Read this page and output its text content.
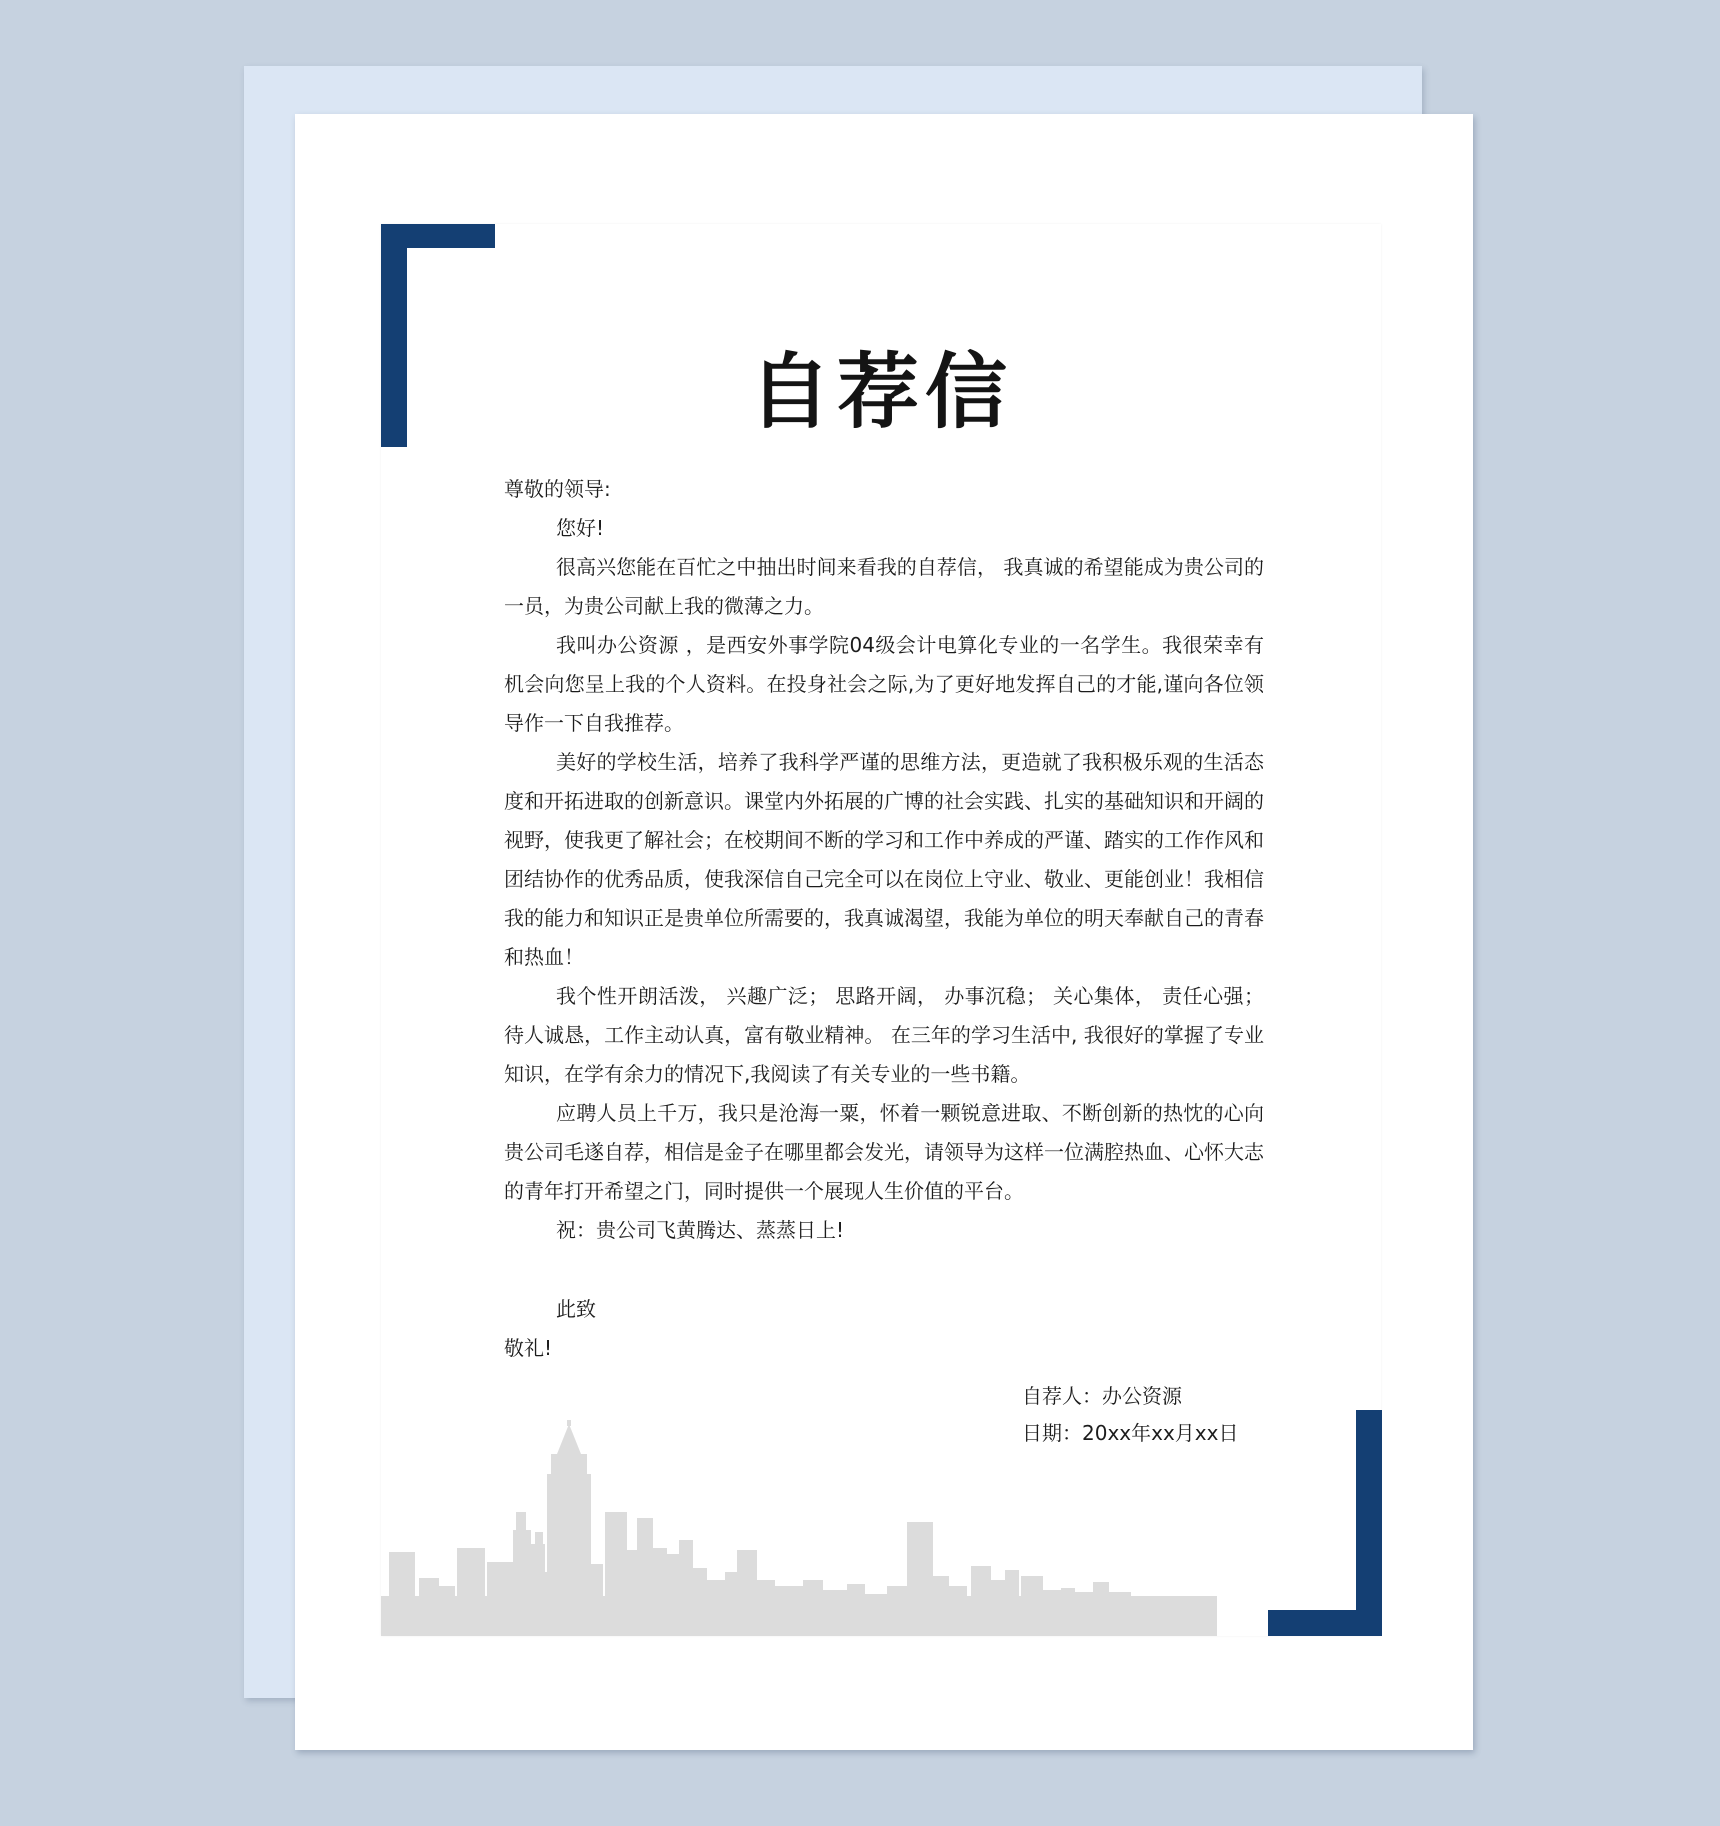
自荐信

尊敬的领导:

您好!

很高兴您能在百忙之中抽出时间来看我的自荐信， 我真诚的希望能成为贵公司的一员，为贵公司献上我的微薄之力。

我叫办公资源 ，是西安外事学院04级会计电算化专业的一名学生。我很荣幸有机会向您呈上我的个人资料。在投身社会之际,为了更好地发挥自己的才能,谨向各位领导作一下自我推荐。

美好的学校生活，培养了我科学严谨的思维方法，更造就了我积极乐观的生活态度和开拓进取的创新意识。课堂内外拓展的广博的社会实践、扎实的基础知识和开阔的视野，使我更了解社会；在校期间不断的学习和工作中养成的严谨、踏实的工作作风和团结协作的优秀品质，使我深信自己完全可以在岗位上守业、敬业、更能创业！我相信我的能力和知识正是贵单位所需要的，我真诚渴望，我能为单位的明天奉献自己的青春和热血！

我个性开朗活泼， 兴趣广泛； 思路开阔， 办事沉稳； 关心集体， 责任心强；待人诚恳，工作主动认真，富有敬业精神。 在三年的学习生活中, 我很好的掌握了专业知识，在学有余力的情况下,我阅读了有关专业的一些书籍。

应聘人员上千万，我只是沧海一粟，怀着一颗锐意进取、不断创新的热忱的心向贵公司毛遂自荐，相信是金子在哪里都会发光，请领导为这样一位满腔热血、心怀大志的青年打开希望之门，同时提供一个展现人生价值的平台。

祝：贵公司飞黄腾达、蒸蒸日上!

此致

敬礼!

自荐人：办公资源
日期：20xx年xx月xx日
